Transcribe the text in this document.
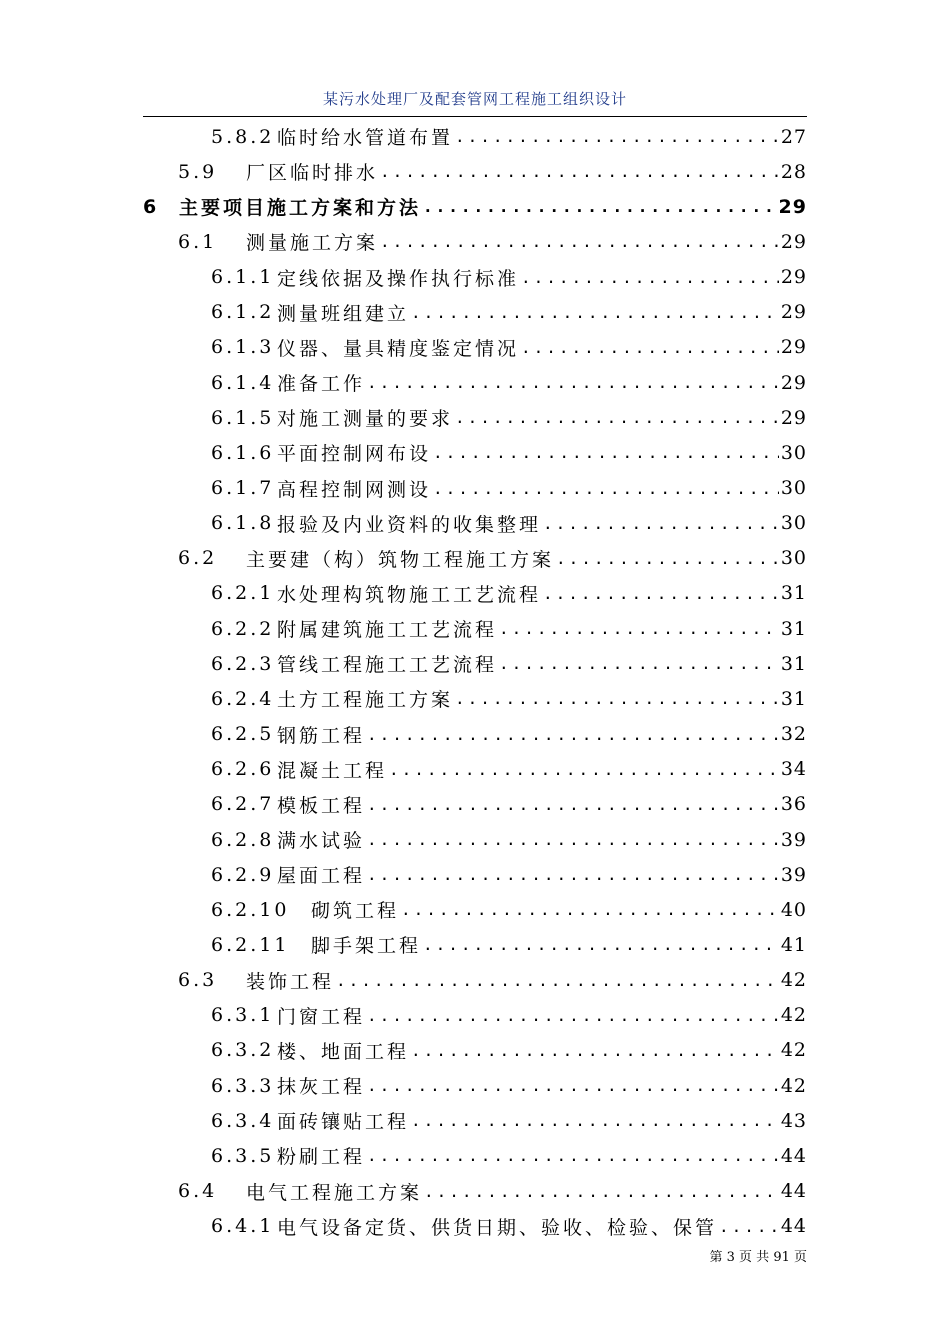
某污水处理厂及配套管网工程施工组织设计
5.8.2 临时给水管道布置 .....	27
5.9	厂区临时排水 .....	28
6	主要项目施工方案和方法 .....	29
6.1	测量施工方案 .....	29
6.1.1 定线依据及操作执行标准 .....	29
6.1.2 测量班组建立 .....	29
6.1.3 仪器、量具精度鉴定情况 .....	29
6.1.4 准备工作 .....	29
6.1.5 对施工测量的要求 .....	29
6.1.6 平面控制网布设 .....	30
6.1.7 高程控制网测设 .....	30
6.1.8 报验及内业资料的收集整理 .....	30
6.2	主要建（构）筑物工程施工方案 .....	30
6.2.1 水处理构筑物施工工艺流程 .....	31
6.2.2 附属建筑施工工艺流程 .....	31
6.2.3 管线工程施工工艺流程 .....	31
6.2.4 土方工程施工方案 .....	31
6.2.5 钢筋工程 .....	32
6.2.6 混凝土工程 .....	34
6.2.7 模板工程 .....	36
6.2.8 满水试验 .....	39
6.2.9 屋面工程 .....	39
6.2.10	砌筑工程 .....	40
6.2.11	脚手架工程 .....	41
6.3	装饰工程 .....	42
6.3.1 门窗工程 .....	42
6.3.2 楼、地面工程 .....	42
6.3.3 抹灰工程 .....	42
6.3.4 面砖镶贴工程 .....	43
6.3.5 粉刷工程 .....	44
6.4	电气工程施工方案 .....	44
6.4.1 电气设备定货、供货日期、验收、检验、保管 .....	44
第 3 页 共 91 页
